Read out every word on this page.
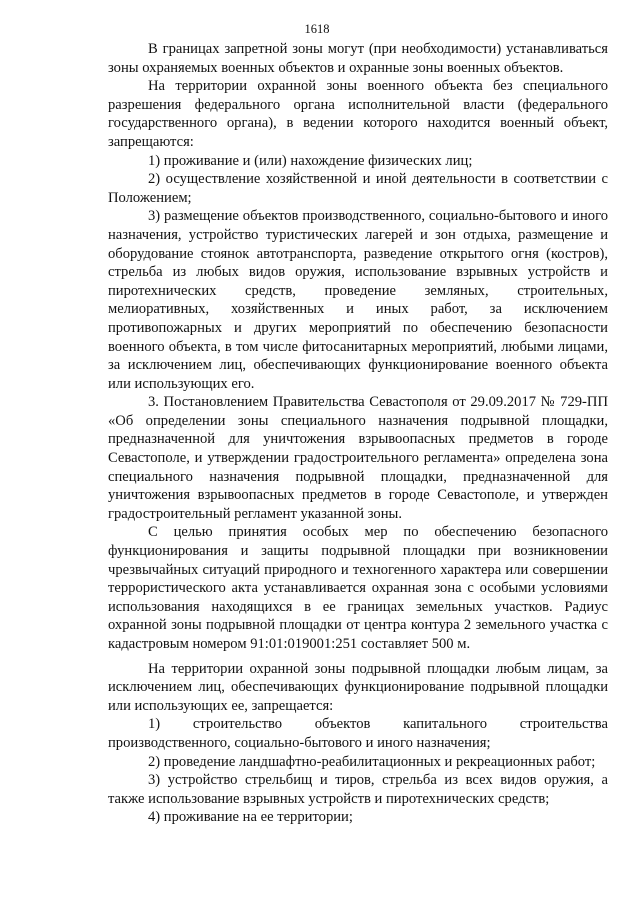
1618

В границах запретной зоны могут (при необходимости) устанавливаться зоны охраняемых военных объектов и охранные зоны военных объектов.

На территории охранной зоны военного объекта без специального разрешения федерального органа исполнительной власти (федерального государственного органа), в ведении которого находится военный объект, запрещаются:

1) проживание и (или) нахождение физических лиц;

2) осуществление хозяйственной и иной деятельности в соответствии с Положением;

3) размещение объектов производственного, социально-бытового и иного назначения, устройство туристических лагерей и зон отдыха, размещение и оборудование стоянок автотранспорта, разведение открытого огня (костров), стрельба из любых видов оружия, использование взрывных устройств и пиротехнических средств, проведение земляных, строительных, мелиоративных, хозяйственных и иных работ, за исключением противопожарных и других мероприятий по обеспечению безопасности военного объекта, в том числе фитосанитарных мероприятий, любыми лицами, за исключением лиц, обеспечивающих функционирование военного объекта или использующих его.

3. Постановлением Правительства Севастополя от 29.09.2017 № 729-ПП «Об определении зоны специального назначения подрывной площадки, предназначенной для уничтожения взрывоопасных предметов в городе Севастополе, и утверждении градостроительного регламента» определена зона специального назначения подрывной площадки, предназначенной для уничтожения взрывоопасных предметов в городе Севастополе, и утвержден градостроительный регламент указанной зоны.

С целью принятия особых мер по обеспечению безопасного функционирования и защиты подрывной площадки при возникновении чрезвычайных ситуаций природного и техногенного характера или совершении террористического акта устанавливается охранная зона с особыми условиями использования находящихся в ее границах земельных участков. Радиус охранной зоны подрывной площадки от центра контура 2 земельного участка с кадастровым номером 91:01:019001:251 составляет 500 м.

На территории охранной зоны подрывной площадки любым лицам, за исключением лиц, обеспечивающих функционирование подрывной площадки или использующих ее, запрещается:

1) строительство объектов капитального строительства производственного, социально-бытового и иного назначения;

2) проведение ландшафтно-реабилитационных и рекреационных работ;

3) устройство стрельбищ и тиров, стрельба из всех видов оружия, а также использование взрывных устройств и пиротехнических средств;

4) проживание на ее территории;
